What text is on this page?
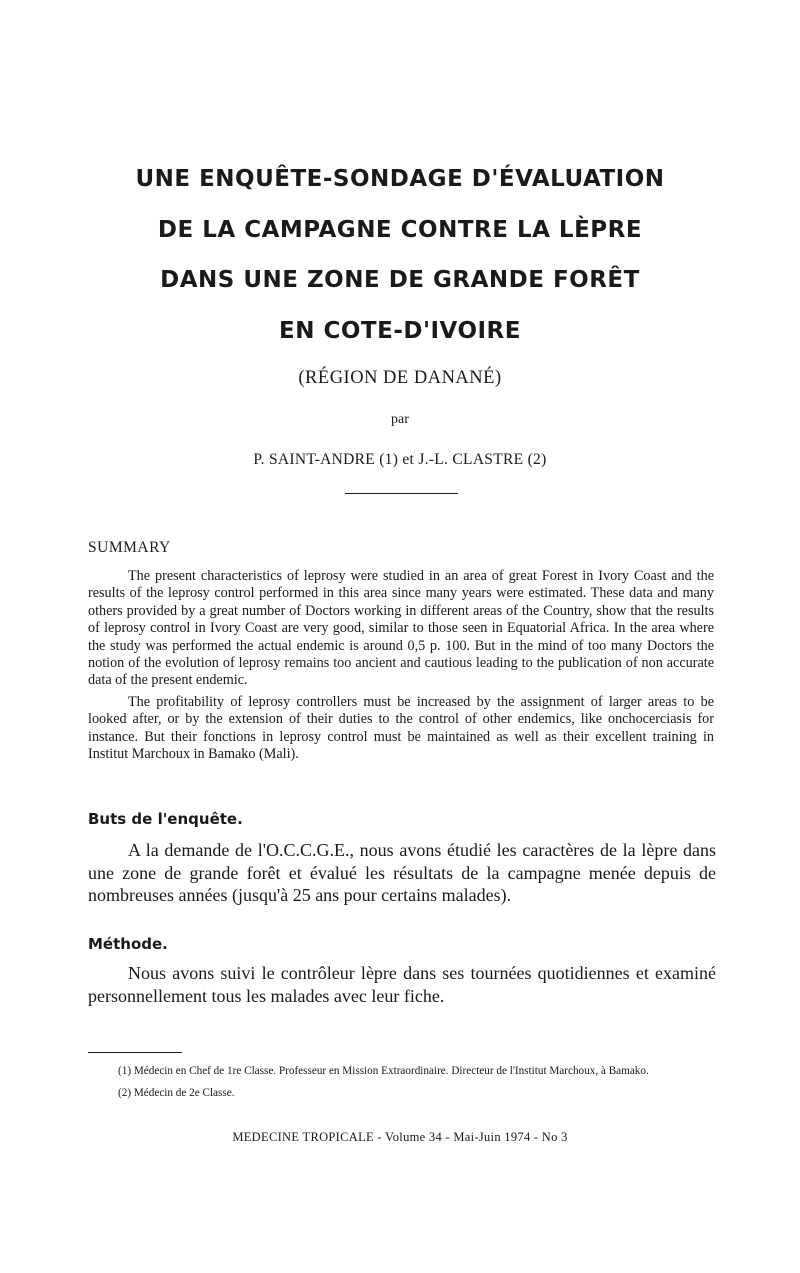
UNE ENQUÊTE-SONDAGE D'ÉVALUATION
DE LA CAMPAGNE CONTRE LA LÈPRE
DANS UNE ZONE DE GRANDE FORÊT
EN COTE-D'IVOIRE
(RÉGION DE DANANÉ)
par
P. SAINT-ANDRE (1) et J.-L. CLASTRE (2)
SUMMARY

The present characteristics of leprosy were studied in an area of great Forest in Ivory Coast and the results of the leprosy control performed in this area since many years were estimated. These data and many others provided by a great number of Doctors working in different areas of the Country, show that the results of leprosy control in Ivory Coast are very good, similar to those seen in Equatorial Africa. In the area where the study was performed the actual endemic is around 0,5 p. 100. But in the mind of too many Doctors the notion of the evolution of leprosy remains too ancient and cautious leading to the publication of non accurate data of the present endemic.

The profitability of leprosy controllers must be increased by the assignment of larger areas to be looked after, or by the extension of their duties to the control of other endemics, like onchocerciasis for instance. But their fonctions in leprosy control must be maintained as well as their excellent training in Institut Marchoux in Bamako (Mali).

Buts de l'enquête.

A la demande de l'O.C.C.G.E., nous avons étudié les caractères de la lèpre dans une zone de grande forêt et évalué les résultats de la campagne menée depuis de nombreuses années (jusqu'à 25 ans pour certains malades).

Méthode.

Nous avons suivi le contrôleur lèpre dans ses tournées quotidiennes et examiné personnellement tous les malades avec leur fiche.

(1) Médecin en Chef de 1re Classe. Professeur en Mission Extraordinaire. Directeur de l'Institut Marchoux, à Bamako.

(2) Médecin de 2e Classe.

MEDECINE TROPICALE - Volume 34 - Mai-Juin 1974 - No 3
